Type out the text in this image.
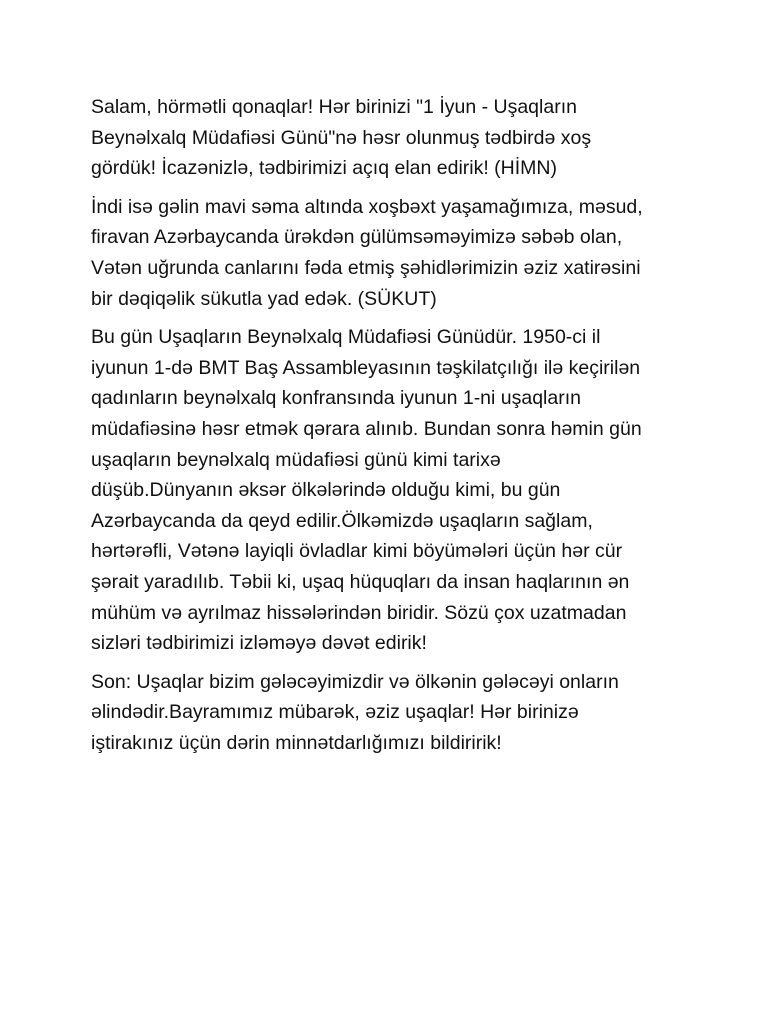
Salam, hörmətli qonaqlar! Hər birinizi "1 İyun - Uşaqların
Beynəlxalq Müdafiəsi Günü"nə həsr olunmuş tədbirdə xoş
gördük! İcazənizlə, tədbirimizi açıq elan edirik! (HİMN)

İndi isə gəlin mavi səma altında xoşbəxt yaşamağımıza, məsud,
firavan Azərbaycanda ürəkdən gülümsəməyimizə səbəb olan,
Vətən uğrunda canlarını fəda etmiş şəhidlərimizin əziz xatirəsini
bir dəqiqəlik sükutla yad edək. (SÜKUT)

Bu gün Uşaqların Beynəlxalq Müdafiəsi Günüdür. 1950-ci il
iyunun 1-də BMT Baş Assambleyasının təşkilatçılığı ilə keçirilən
qadınların beynəlxalq konfransında iyunun 1-ni uşaqların
müdafiəsinə həsr etmək qərara alınıb. Bundan sonra həmin gün
uşaqların beynəlxalq müdafiəsi günü kimi tarixə
düşüb.Dünyanın əksər ölkələrində olduğu kimi, bu gün
Azərbaycanda da qeyd edilir.Ölkəmizdə uşaqların sağlam,
hərtərəfli, Vətənə layiqli övladlar kimi böyümələri üçün hər cür
şərait yaradılıb. Təbii ki, uşaq hüquqları da insan haqlarının ən
mühüm və ayrılmaz hissələrindən biridir. Sözü çox uzatmadan
sizləri tədbirimizi izləməyə dəvət edirik!

Son: Uşaqlar bizim gələcəyimizdir və ölkənin gələcəyi onların
əlindədir.Bayramımız mübarək, əziz uşaqlar! Hər birinizə
iştirakınız üçün dərin minnətdarlığımızı bildiririk!
